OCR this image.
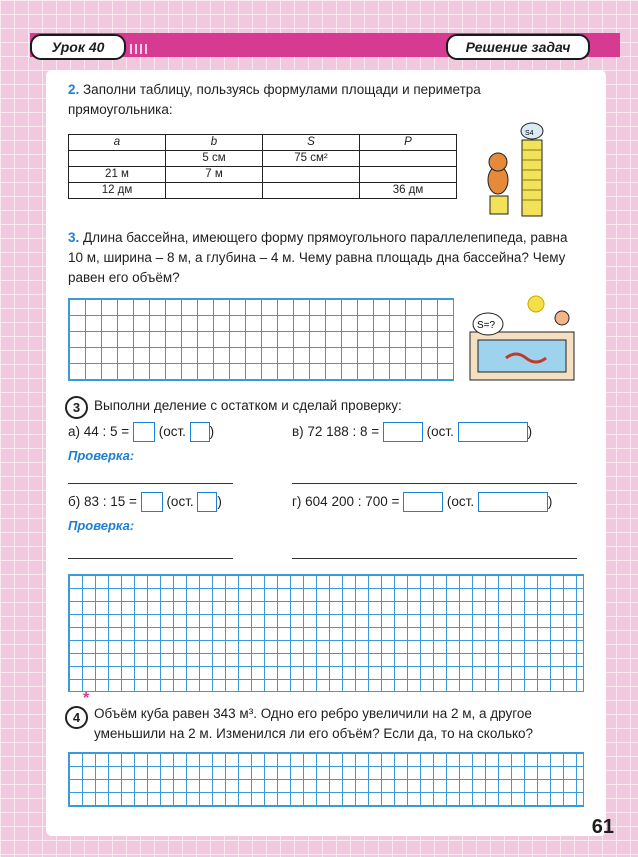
Урок 40	Решение задач
2. Заполни таблицу, пользуясь формулами площади и периметра прямоугольника:
a	b	S	P
	5 см	75 см²	
21 м	7 м		
12 дм			36 дм
S4
3. Длина бассейна, имеющего форму прямоугольного параллелепипеда, равна 10 м, ширина – 8 м, а глубина – 4 м. Чему равна площадь дна бассейна? Чему равен его объём?
S=?
3	Выполни деление с остатком и сделай проверку:
а) 44 : 5 = (ост. )	в) 72 188 : 8 =	(ост.	)
Проверка:
б) 83 : 15 = (ост. )	г) 604 200 : 700 =	(ост.	)
Проверка:
4
*
Объём куба равен 343 м³. Одно его ребро увеличили на 2 м, а другое уменьшили на 2 м. Изменился ли его объём? Если да, то на сколько?
61
